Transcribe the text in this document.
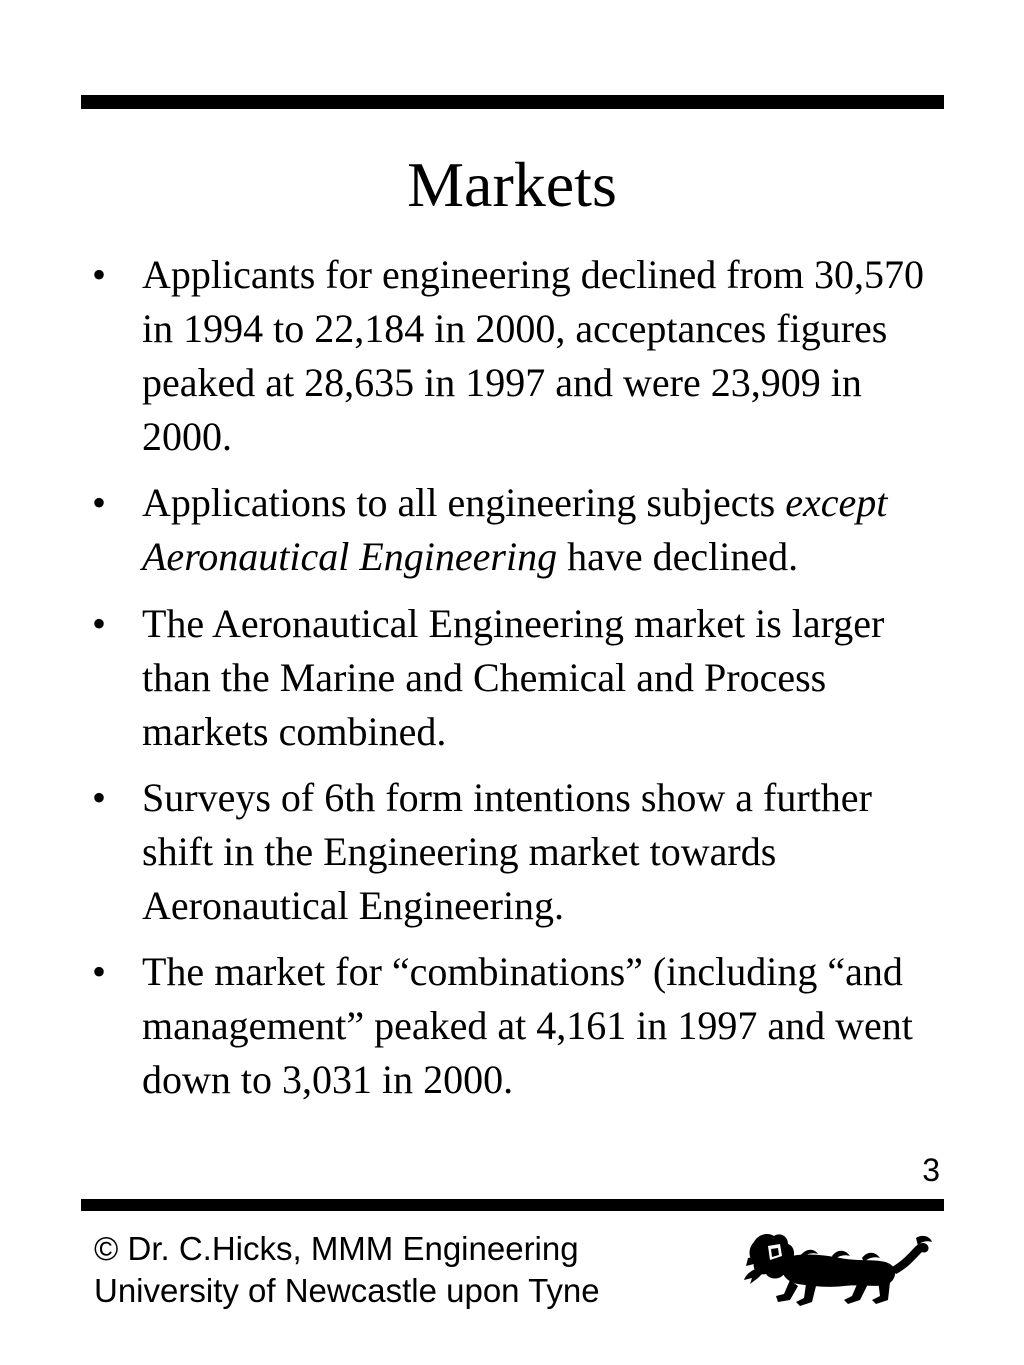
Markets
• Applicants for engineering declined from 30,570 in 1994 to 22,184 in 2000, acceptances figures peaked at 28,635 in 1997 and were 23,909 in 2000.
• Applications to all engineering subjects except Aeronautical Engineering have declined.
• The Aeronautical Engineering market is larger than the Marine and Chemical and Process markets combined.
• Surveys of 6th form intentions show a further shift in the Engineering market towards Aeronautical Engineering.
• The market for “combinations” (including “and management” peaked at 4,161 in 1997 and went down to 3,031 in 2000.
3
© Dr. C.Hicks, MMM Engineering
University of Newcastle upon Tyne
